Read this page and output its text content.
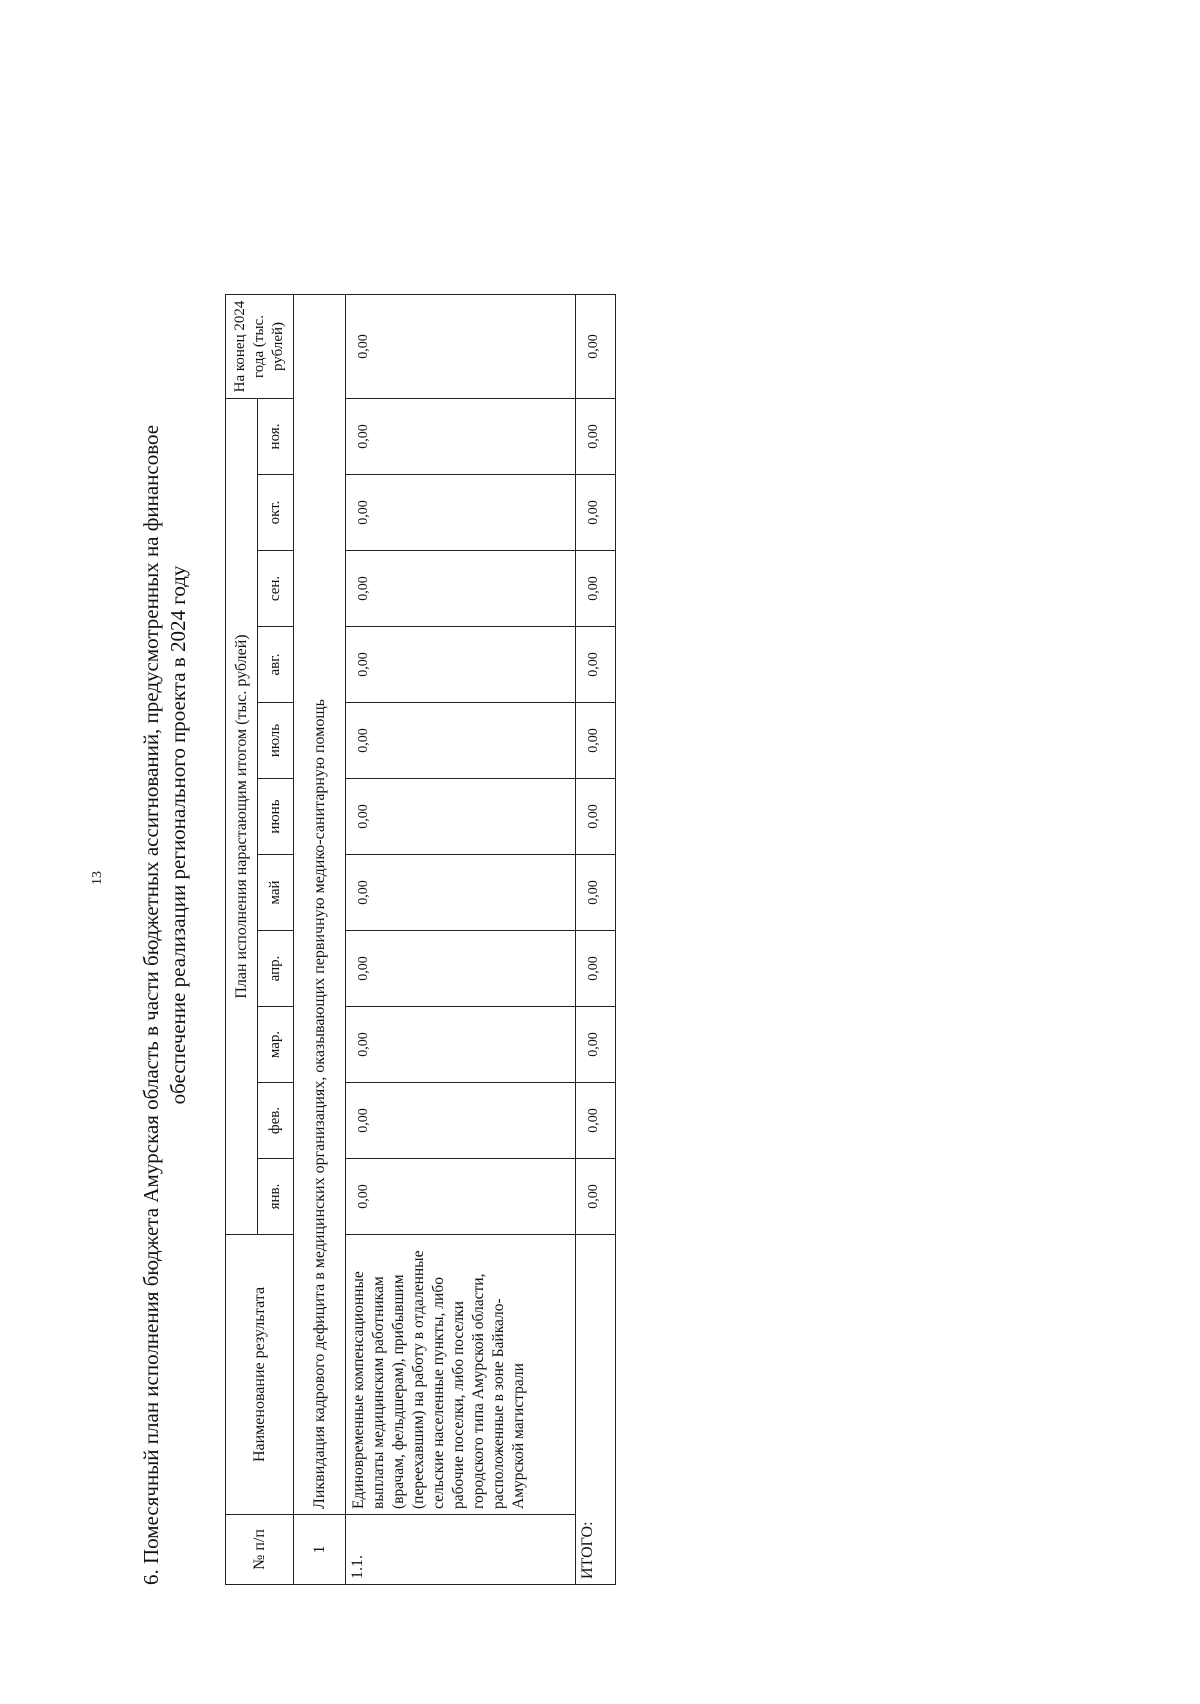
13 6. Помесячный план исполнения бюджета Амурская область в части бюджетных ассигнований, предусмотренных на финансовое обеспечение реализации регионального проекта в 2024 году
№ п/п	Наименование результата	План исполнения нарастающим итогом (тыс. рублей)											На конец 2024 года (тыс. рублей)
		янв.	фев.	мар.	апр.	май	июнь	июль	авг.	сен.	окт.	ноя.	
1	Ликвидация кадрового дефицита в медицинских организациях, оказывающих первичную медико-санитарную помощь												
1.1.	Единовременные компенсационные выплаты медицинским работникам (врачам, фельдшерам), прибывшим (переехавшим) на работу в отдаленные сельские населенные пункты, либо рабочие поселки, либо поселки городского типа Амурской области, расположенные в зоне Байкало-Амурской магистрали	0,00	0,00	0,00	0,00	0,00	0,00	0,00	0,00	0,00	0,00	0,00	0,00
ИТОГО:		0,00	0,00	0,00	0,00	0,00	0,00	0,00	0,00	0,00	0,00	0,00	0,00
